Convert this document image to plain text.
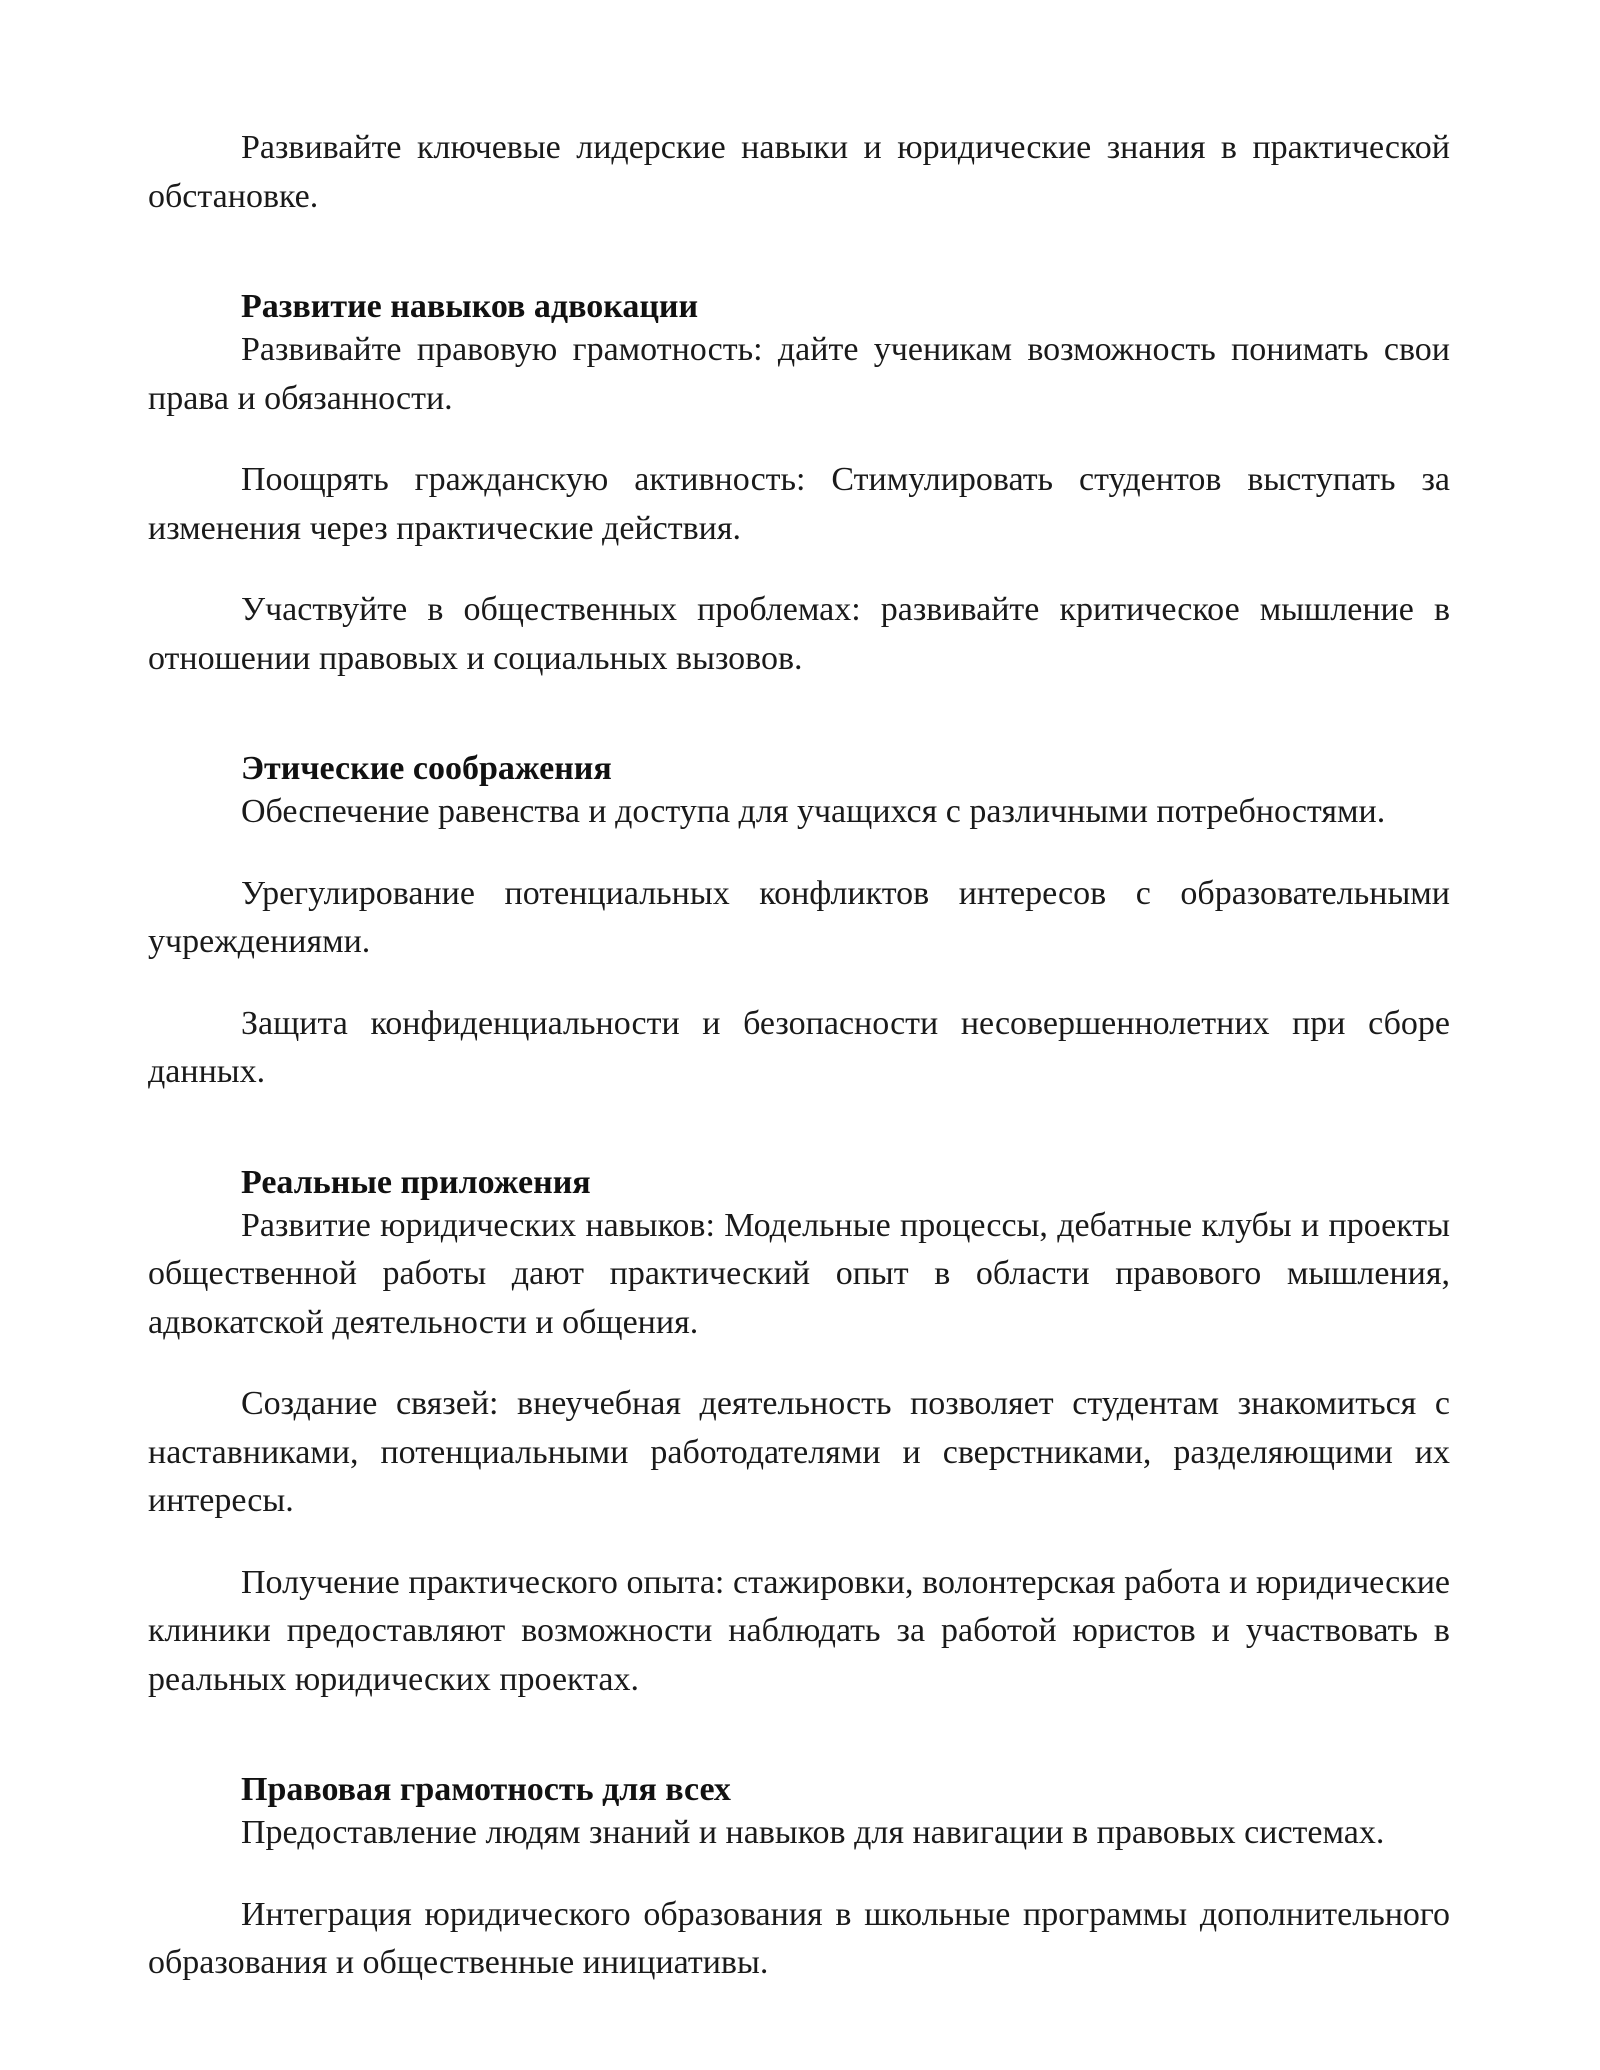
Развивайте ключевые лидерские навыки и юридические знания в практической обстановке.

Развитие навыков адвокации

Развивайте правовую грамотность: дайте ученикам возможность понимать свои права и обязанности.

Поощрять гражданскую активность: Стимулировать студентов выступать за изменения через практические действия.

Участвуйте в общественных проблемах: развивайте критическое мышление в отношении правовых и социальных вызовов.

Этические соображения

Обеспечение равенства и доступа для учащихся с различными потребностями.

Урегулирование потенциальных конфликтов интересов с образовательными учреждениями.

Защита конфиденциальности и безопасности несовершеннолетних при сборе данных.

Реальные приложения

Развитие юридических навыков: Модельные процессы, дебатные клубы и проекты общественной работы дают практический опыт в области правового мышления, адвокатской деятельности и общения.

Создание связей: внеучебная деятельность позволяет студентам знакомиться с наставниками, потенциальными работодателями и сверстниками, разделяющими их интересы.

Получение практического опыта: стажировки, волонтерская работа и юридические клиники предоставляют возможности наблюдать за работой юристов и участвовать в реальных юридических проектах.

Правовая грамотность для всех

Предоставление людям знаний и навыков для навигации в правовых системах.

Интеграция юридического образования в школьные программы дополнительного образования и общественные инициативы.
